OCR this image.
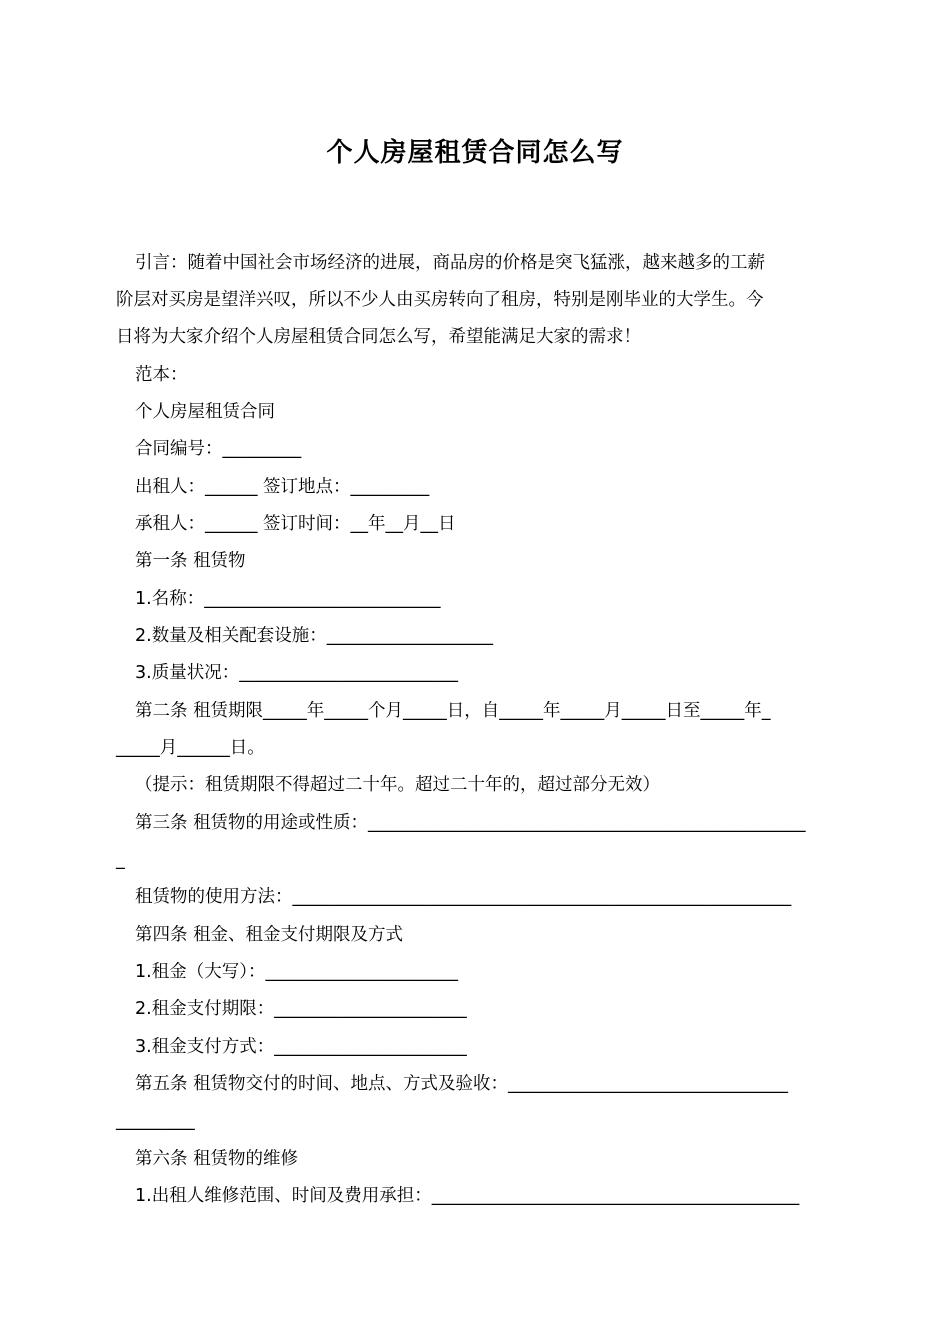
个人房屋租赁合同怎么写
引言：随着中国社会市场经济的进展，商品房的价格是突飞猛涨，越来越多的工薪
阶层对买房是望洋兴叹，所以不少人由买房转向了租房，特别是刚毕业的大学生。今
日将为大家介绍个人房屋租赁合同怎么写，希望能满足大家的需求！
范本：
个人房屋租赁合同
合同编号：_________
出租人：______ 签订地点：_________
承租人：______ 签订时间：__年__月__日
第一条 租赁物
1.名称：___________________________
2.数量及相关配套设施：___________________
3.质量状况：_________________________
第二条 租赁期限_____年_____个月_____日，自_____年_____月_____日至_____年_
_____月______日。
（提示：租赁期限不得超过二十年。超过二十年的，超过部分无效）
第三条 租赁物的用途或性质：__________________________________________________
_
租赁物的使用方法：_________________________________________________________
第四条 租金、租金支付期限及方式
1.租金（大写）：______________________
2.租金支付期限：______________________
3.租金支付方式：______________________
第五条 租赁物交付的时间、地点、方式及验收：________________________________
_________
第六条 租赁物的维修
1.出租人维修范围、时间及费用承担：__________________________________________
